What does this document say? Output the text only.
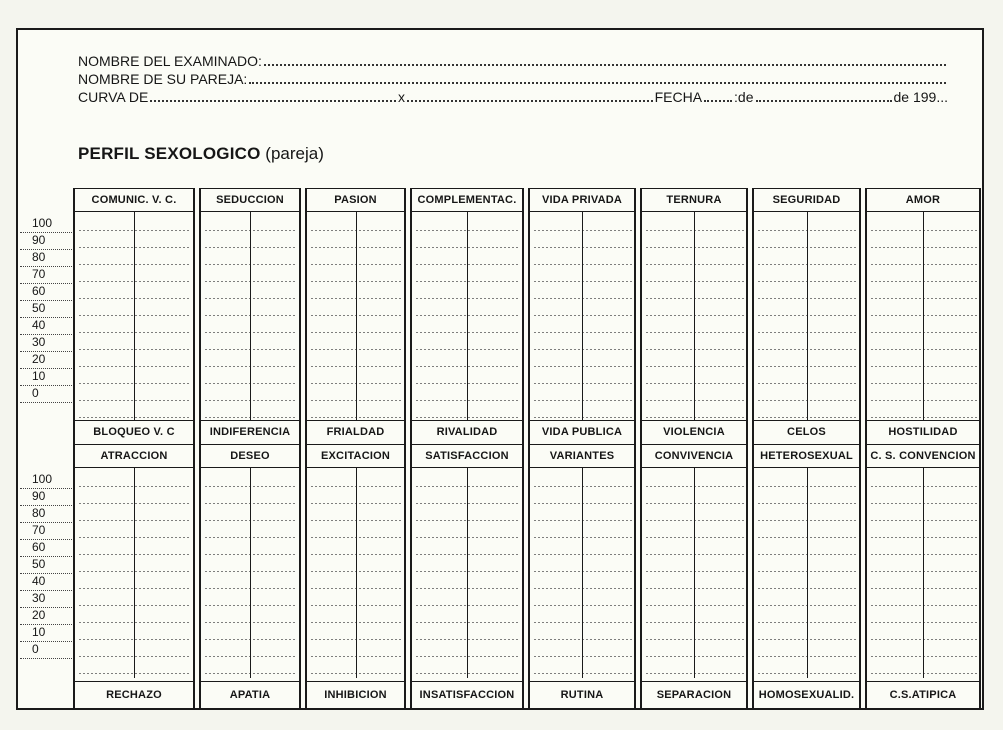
NOMBRE DEL EXAMINADO:
NOMBRE DE SU PAREJA:
CURVA DE	x	FECHA :de	de 199...
PERFIL SEXOLOGICO (pareja)
100
90
80
70
60
50
40
30
20
10
0
100
90
80
70
60
50
40
30
20
10
0
COMUNIC. V. C.
BLOQUEO V. C
ATRACCION
RECHAZO
SEDUCCION
INDIFERENCIA
DESEO
APATIA
PASION
FRIALDAD
EXCITACION
INHIBICION
COMPLEMENTAC.
RIVALIDAD
SATISFACCION
INSATISFACCION
VIDA PRIVADA
VIDA PUBLICA
VARIANTES
RUTINA
TERNURA
VIOLENCIA
CONVIVENCIA
SEPARACION
SEGURIDAD
CELOS
HETEROSEXUAL
HOMOSEXUALID.
AMOR
HOSTILIDAD
C. S. CONVENCION
C.S.ATIPICA
